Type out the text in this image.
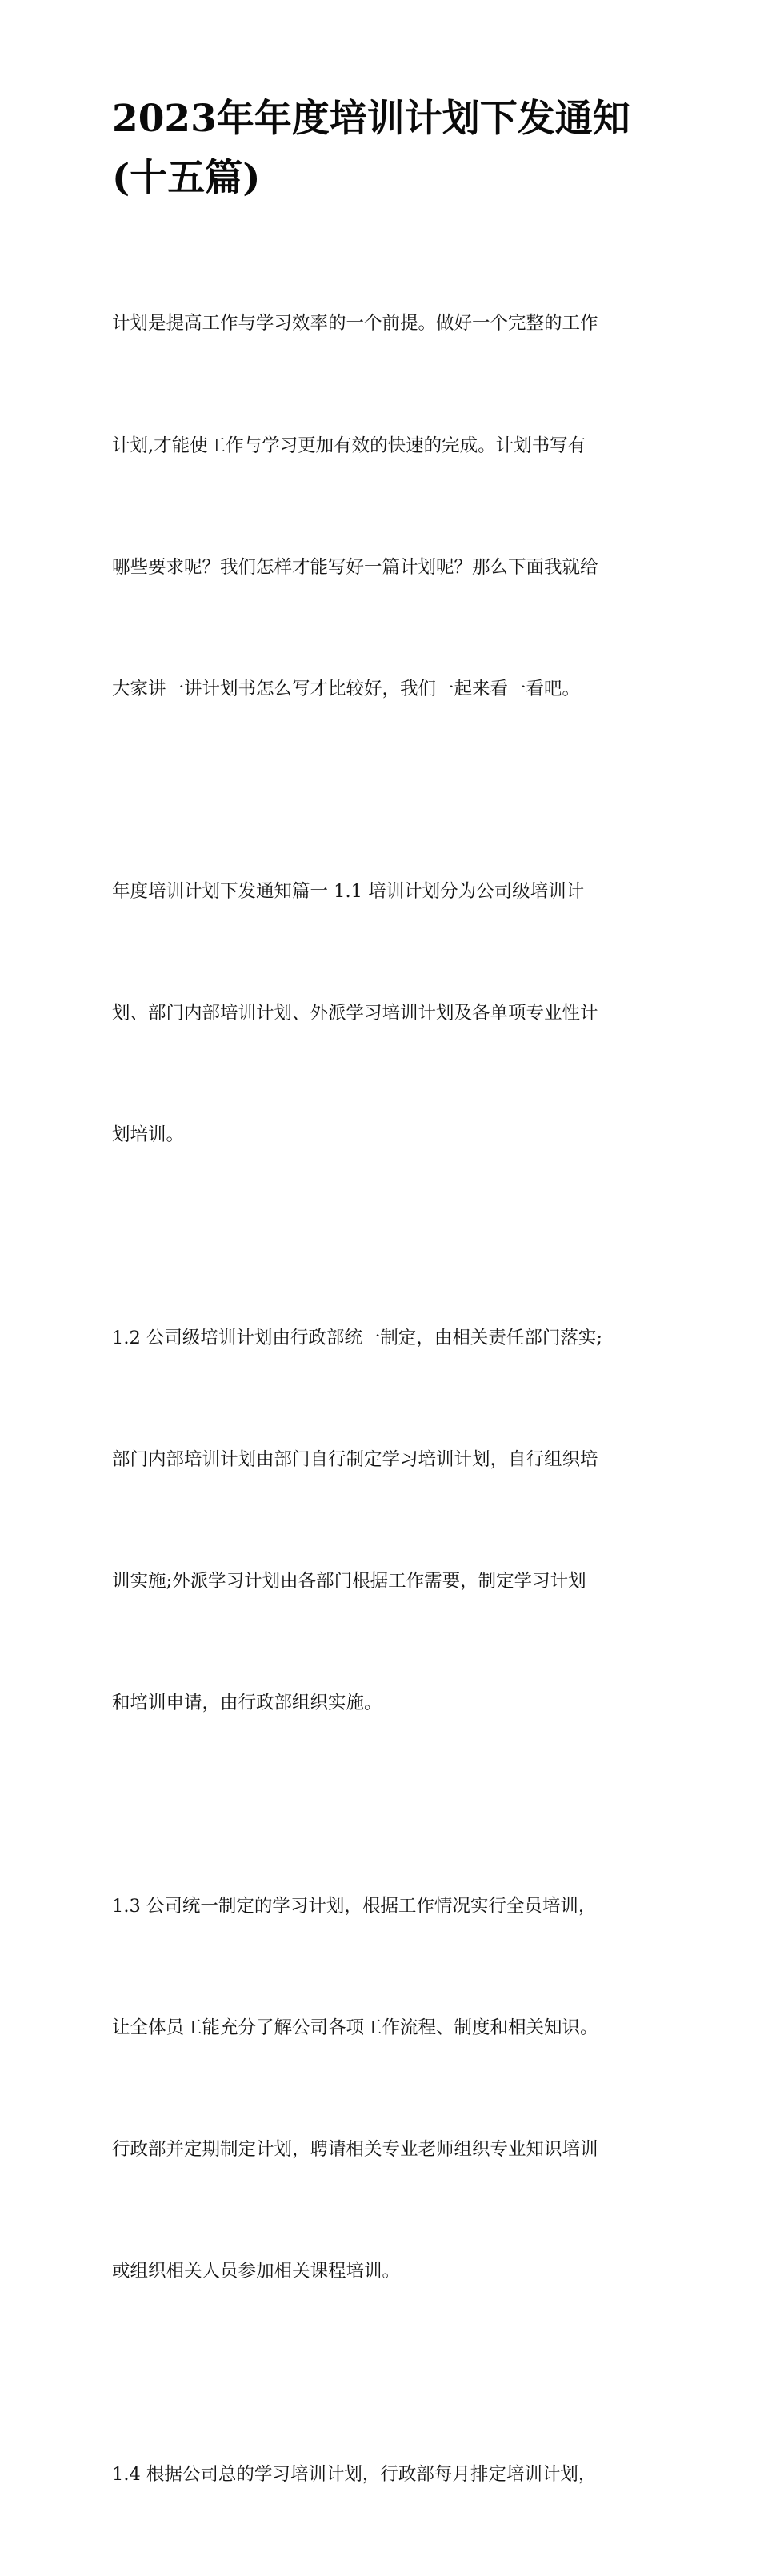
2023年年度培训计划下发通知
(十五篇)

计划是提高工作与学习效率的一个前提。做好一个完整的工作

计划,才能使工作与学习更加有效的快速的完成。计划书写有

哪些要求呢？我们怎样才能写好一篇计划呢？那么下面我就给

大家讲一讲计划书怎么写才比较好，我们一起来看一看吧。

年度培训计划下发通知篇一 1.1 培训计划分为公司级培训计

划、部门内部培训计划、外派学习培训计划及各单项专业性计

划培训。

1.2 公司级培训计划由行政部统一制定，由相关责任部门落实;

部门内部培训计划由部门自行制定学习培训计划，自行组织培

训实施;外派学习计划由各部门根据工作需要，制定学习计划

和培训申请，由行政部组织实施。

1.3 公司统一制定的学习计划，根据工作情况实行全员培训，

让全体员工能充分了解公司各项工作流程、制度和相关知识。

行政部并定期制定计划，聘请相关专业老师组织专业知识培训

或组织相关人员参加相关课程培训。

1.4 根据公司总的学习培训计划，行政部每月排定培训计划，
